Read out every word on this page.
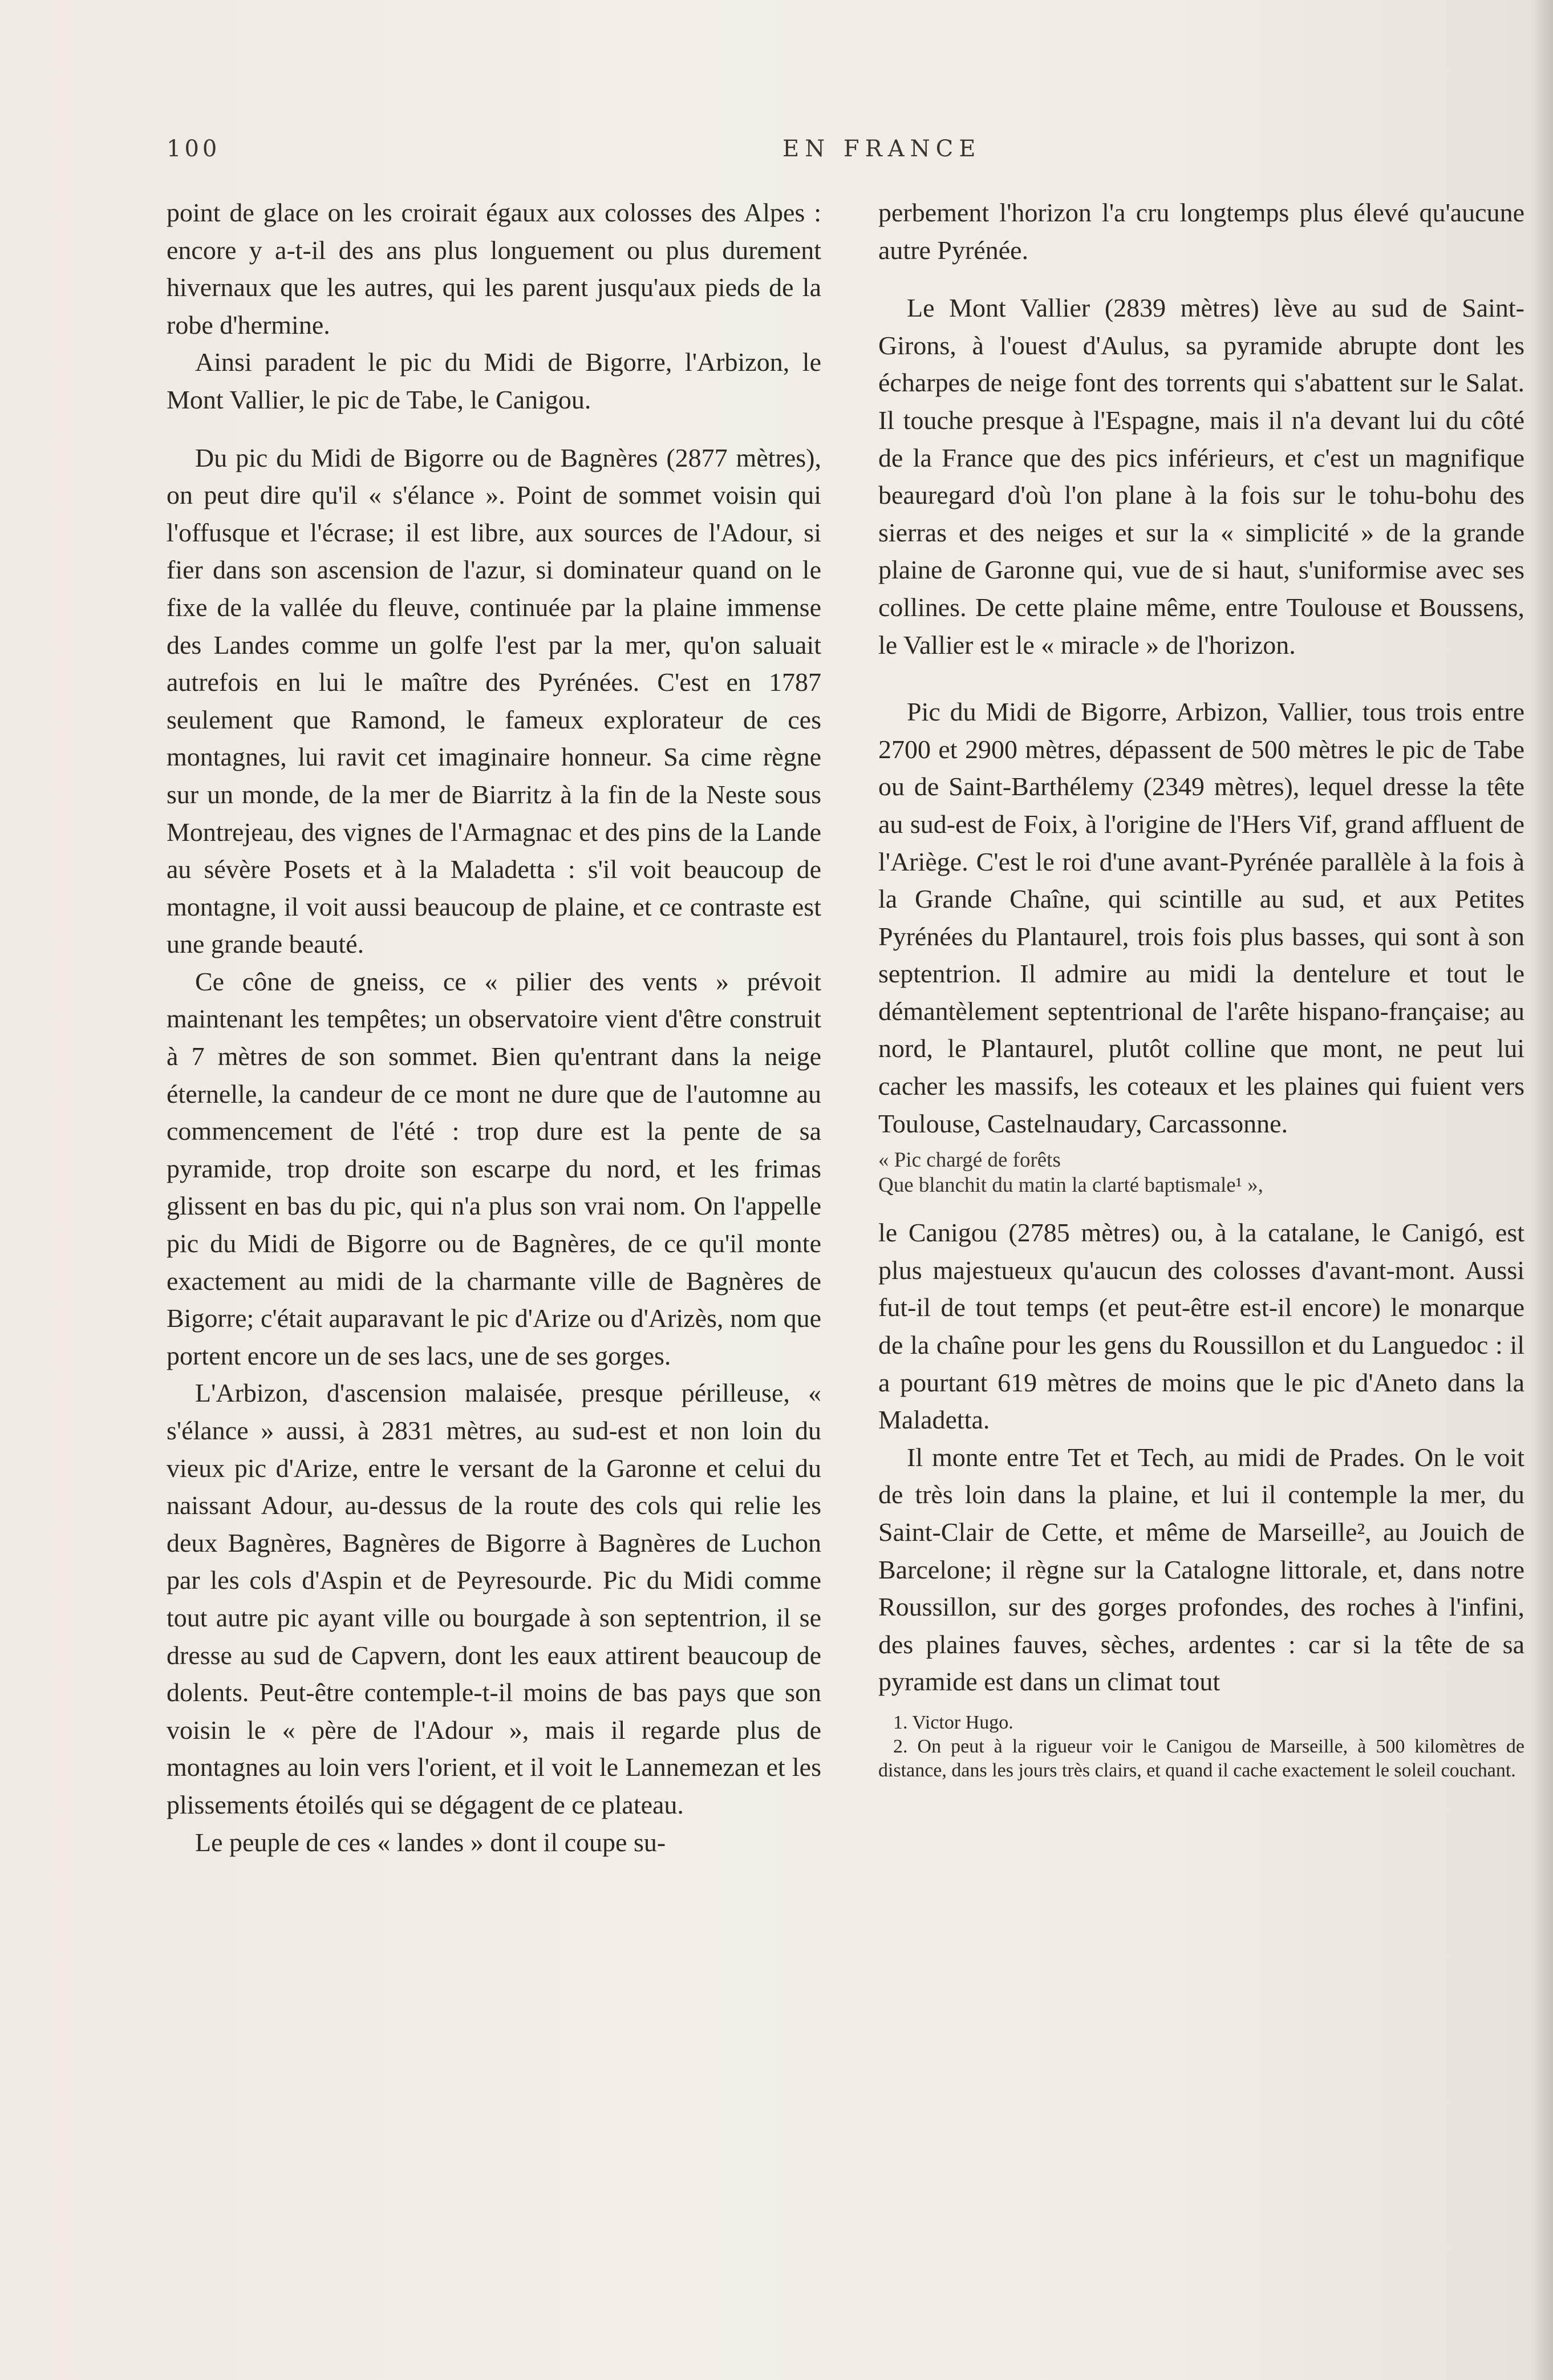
100	EN FRANCE

point de glace on les croirait égaux aux colosses des Alpes : encore y a-t-il des ans plus longuement ou plus durement hivernaux que les autres, qui les parent jusqu'aux pieds de la robe d'hermine.

Ainsi paradent le pic du Midi de Bigorre, l'Arbizon, le Mont Vallier, le pic de Tabe, le Canigou.

Du pic du Midi de Bigorre ou de Bagnères (2877 mètres), on peut dire qu'il « s'élance ». Point de sommet voisin qui l'offusque et l'écrase; il est libre, aux sources de l'Adour, si fier dans son ascension de l'azur, si dominateur quand on le fixe de la vallée du fleuve, continuée par la plaine immense des Landes comme un golfe l'est par la mer, qu'on saluait autrefois en lui le maître des Pyrénées. C'est en 1787 seulement que Ramond, le fameux explorateur de ces montagnes, lui ravit cet imaginaire honneur. Sa cime règne sur un monde, de la mer de Biarritz à la fin de la Neste sous Montrejeau, des vignes de l'Armagnac et des pins de la Lande au sévère Posets et à la Maladetta : s'il voit beaucoup de montagne, il voit aussi beaucoup de plaine, et ce contraste est une grande beauté.

Ce cône de gneiss, ce « pilier des vents » prévoit maintenant les tempêtes; un observatoire vient d'être construit à 7 mètres de son sommet. Bien qu'entrant dans la neige éternelle, la candeur de ce mont ne dure que de l'automne au commencement de l'été : trop dure est la pente de sa pyramide, trop droite son escarpe du nord, et les frimas glissent en bas du pic, qui n'a plus son vrai nom. On l'appelle pic du Midi de Bigorre ou de Bagnères, de ce qu'il monte exactement au midi de la charmante ville de Bagnères de Bigorre; c'était auparavant le pic d'Arize ou d'Arizès, nom que portent encore un de ses lacs, une de ses gorges.

L'Arbizon, d'ascension malaisée, presque périlleuse, « s'élance » aussi, à 2831 mètres, au sud-est et non loin du vieux pic d'Arize, entre le versant de la Garonne et celui du naissant Adour, au-dessus de la route des cols qui relie les deux Bagnères, Bagnères de Bigorre à Bagnères de Luchon par les cols d'Aspin et de Peyresourde. Pic du Midi comme tout autre pic ayant ville ou bourgade à son septentrion, il se dresse au sud de Capvern, dont les eaux attirent beaucoup de dolents. Peut-être contemple-t-il moins de bas pays que son voisin le « père de l'Adour », mais il regarde plus de montagnes au loin vers l'orient, et il voit le Lannemezan et les plissements étoilés qui se dégagent de ce plateau.

Le peuple de ces « landes » dont il coupe su-

perbement l'horizon l'a cru longtemps plus élevé qu'aucune autre Pyrénée.

Le Mont Vallier (2839 mètres) lève au sud de Saint-Girons, à l'ouest d'Aulus, sa pyramide abrupte dont les écharpes de neige font des torrents qui s'abattent sur le Salat. Il touche presque à l'Espagne, mais il n'a devant lui du côté de la France que des pics inférieurs, et c'est un magnifique beauregard d'où l'on plane à la fois sur le tohu-bohu des sierras et des neiges et sur la « simplicité » de la grande plaine de Garonne qui, vue de si haut, s'uniformise avec ses collines. De cette plaine même, entre Toulouse et Boussens, le Vallier est le « miracle » de l'horizon.

Pic du Midi de Bigorre, Arbizon, Vallier, tous trois entre 2700 et 2900 mètres, dépassent de 500 mètres le pic de Tabe ou de Saint-Barthélemy (2349 mètres), lequel dresse la tête au sud-est de Foix, à l'origine de l'Hers Vif, grand affluent de l'Ariège. C'est le roi d'une avant-Pyrénée parallèle à la fois à la Grande Chaîne, qui scintille au sud, et aux Petites Pyrénées du Plantaurel, trois fois plus basses, qui sont à son septentrion. Il admire au midi la dentelure et tout le démantèlement septentrional de l'arête hispano-française; au nord, le Plantaurel, plutôt colline que mont, ne peut lui cacher les massifs, les coteaux et les plaines qui fuient vers Toulouse, Castelnaudary, Carcassonne.

« Pic chargé de forêts
Que blanchit du matin la clarté baptismale¹ »,

le Canigou (2785 mètres) ou, à la catalane, le Canigó, est plus majestueux qu'aucun des colosses d'avant-mont. Aussi fut-il de tout temps (et peut-être est-il encore) le monarque de la chaîne pour les gens du Roussillon et du Languedoc : il a pourtant 619 mètres de moins que le pic d'Aneto dans la Maladetta.

Il monte entre Tet et Tech, au midi de Prades. On le voit de très loin dans la plaine, et lui il contemple la mer, du Saint-Clair de Cette, et même de Marseille², au Jouich de Barcelone; il règne sur la Catalogne littorale, et, dans notre Roussillon, sur des gorges profondes, des roches à l'infini, des plaines fauves, sèches, ardentes : car si la tête de sa pyramide est dans un climat tout

1. Victor Hugo.
2. On peut à la rigueur voir le Canigou de Marseille, à 500 kilomètres de distance, dans les jours très clairs, et quand il cache exactement le soleil couchant.
